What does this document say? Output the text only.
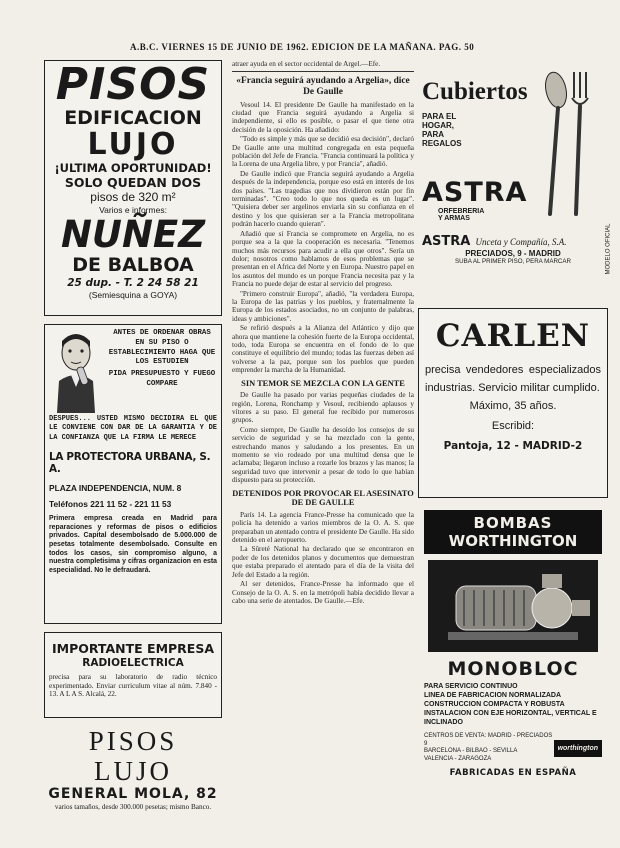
A.B.C. VIERNES 15 DE JUNIO DE 1962. EDICION DE LA MAÑANA. PAG. 50
PISOS
EDIFICACION
LUJO
¡ULTIMA OPORTUNIDAD!
SOLO QUEDAN DOS
pisos de 320 m²
Varios e informes:
NUÑEZ
DE BALBOA
25 dup. - T. 2 24 58 21
(Semiesquina a GOYA)
ANTES DE ORDENAR OBRAS EN SU PISO O ESTABLECIMIENTO HAGA QUE LOS ESTUDIEN
PIDA PRESUPUESTO Y FUEGO COMPARE
DESPUES... USTED MISMO DECIDIRA EL QUE LE CONVIENE CON DAR DE LA GARANTIA Y DE LA CONFIANZA QUE LA FIRMA LE MERECE
LA PROTECTORA URBANA, S. A.
PLAZA INDEPENDENCIA, NUM. 8
Teléfonos 221 11 52 - 221 11 53
Primera empresa creada en Madrid para reparaciones y reformas de pisos o edificios privados. Capital desembolsado de 5.000.000 de pesetas totalmente desembolsado. Consulte en todos los casos, sin compromiso alguno, a nuestra completisima y cifras organizacion en esta especialidad. No le defraudará.
IMPORTANTE EMPRESA
RADIOELECTRICA
precisa para su laboratorio de radio técnico experimentado. Enviar curriculum vitae al núm. 7.840 - 13. A L A S. Alcalá, 22.
PISOS LUJO
GENERAL MOLA, 82
varios tamaños, desde 300.000 pesetas; mismo Banco.
atraer ayuda en el sector occidental de Argel.—Efe.
«Francia seguirá ayudando a Argelia», dice De Gaulle
Vesoul 14. El presidente De Gaulle ha manifestado en la ciudad que Francia seguirá ayudando a Argelia si independiente, si ello es posible, o pasar el que tiene otra decisión de la oposición. Ha añadido:
"Todo es simple y más que se decidió esa decisión", declaró De Gaulle ante una multitud congregada en esta pequeña población del Jefe de Francia. "Francia continuará la política y la Lorena de una Argelia libre, y por Francia", añadió.
De Gaulle indicó que Francia seguirá ayudando a Argelia después de la independencia, porque eso está en interés de los dos países. "Las tragedias que nos dividieron están por fin terminadas". "Creo todo lo que nos queda es un lugar". "Quisiera deber ser argelinos enviarla sin su confianza en el destino y los que quisieran ser a la Francia metropolitana podrán hacerlo cuando quieran".
Añadió que si Francia se compromete en Argelia, no es porque sea a la que la cooperación es necesaria. "Tenemos muchos más recursos para acudir a ella que otros". Sería un dolor; nosotros como hablamos de esos problemas que se presentan en el Africa del Norte y en Europa. Nuestro papel en los asuntos del mundo es un porque Francia necesita paz y la Francia no puede dejar de estar al servicio del progreso.
"Primero construir Europa", añadió, "la verdadera Europa, la Europa de las patrias y los pueblos, y fraternalmente la Europa de los estados asociados, no un conjunto de palabras, ideas y ambiciones".
Se refirió después a la Alianza del Atlántico y dijo que ahora que mantiene la cohesión fuerte de la Europa occidental, todo, toda Europa se encuentra en el fondo de lo que constituye el equilibrio del mundo; todas las fuerzas deben así volverse a la paz, porque son los pueblos que pueden emprender la marcha de la Humanidad.
SIN TEMOR SE MEZCLA CON LA GENTE
De Gaulle ha pasado por varias pequeñas ciudades de la región, Lorena, Ronchamp y Vesoul, recibiendo aplausos y vítores a su paso. El general fue recibido por numerosos grupos.
Como siempre, De Gaulle ha desoído los consejos de su servicio de seguridad y se ha mezclado con la gente, estrechando manos y saludando a los presentes. En un momento se vio rodeado por una multitud densa que le aclamaba; llegaron incluso a rozarle los brazos y las manos; la seguridad tuvo que intervenir a pesar de todo lo que habían dispuesto para su protección.
DETENIDOS POR PROVOCAR EL ASESINATO DE DE GAULLE
París 14. La agencia France-Presse ha comunicado que la policía ha detenido a varios miembros de la O. A. S. que preparaban un atentado contra el presidente De Gaulle. Ha sido detenido en el aeropuerto.
La Sûreté National ha declarado que se encontraron en poder de los detenidos planos y documentos que demuestran que estaba preparado el atentado para el día de la visita del Jefe del Estado a la región.
Al ser detenidos, France-Presse ha informado que el Consejo de la O. A. S. en la metrópoli había decidido llevar a cabo una serie de atentados. De Gaulle.—Efe.
Cubiertos
PARA EL
HOGAR,
PARA
REGALOS
ASTRA
ORFEBRERIA
Y ARMAS
ASTRA Unceta y Compañía, S.A.
PRECIADOS, 9 - MADRID
SUBA AL PRIMER PISO, PERA MARCAR	MODELO OFICIAL
CARLEN
precisa vendedores especializados industrias. Servicio militar cumplido.
Máximo, 35 años.
Escribid:
Pantoja, 12 - MADRID-2
BOMBAS
WORTHINGTON
MONOBLOC
PARA SERVICIO CONTINUO
LINEA DE FABRICACION NORMALIZADA
CONSTRUCCION COMPACTA Y ROBUSTA
INSTALACION CON EJE HORIZONTAL, VERTICAL E INCLINADO
CENTROS DE VENTA: MADRID - PRECIADOS 9
BARCELONA - BILBAO - SEVILLA
VALENCIA - ZARAGOZA
worthington
FABRICADAS EN ESPAÑA
